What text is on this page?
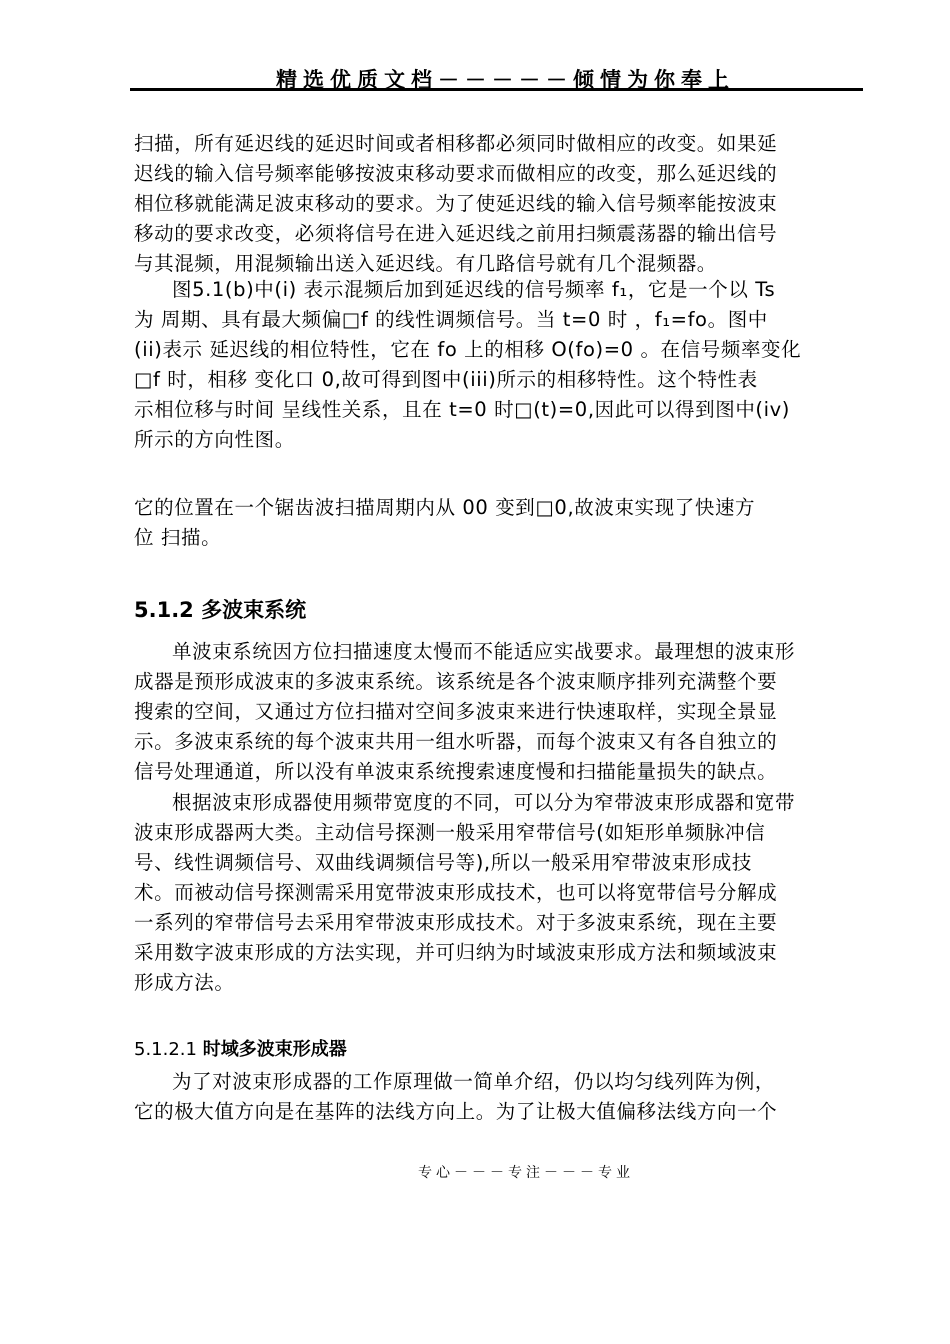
精选优质文档－－－－－倾情为你奉上
扫描，所有延迟线的延迟时间或者相移都必须同时做相应的改变。如果延
迟线的输入信号频率能够按波束移动要求而做相应的改变，那么延迟线的
相位移就能满足波束移动的要求。为了使延迟线的输入信号频率能按波束
移动的要求改变，必须将信号在进入延迟线之前用扫频震荡器的输出信号
与其混频，用混频输出送入延迟线。有几路信号就有几个混频器。
图5.1(b)中(i) 表示混频后加到延迟线的信号频率 f₁，它是一个以 Ts
为 周期、具有最大频偏□f 的线性调频信号。当 t=0 时 ，f₁=fo。图中
(ii)表示 延迟线的相位特性，它在 fo 上的相移 O(fo)=0 。在信号频率变化
□f 时，相移 变化口 0,故可得到图中(iii)所示的相移特性。这个特性表
示相位移与时间 呈线性关系，且在 t=0 时□(t)=0,因此可以得到图中(iv)
所示的方向性图。
它的位置在一个锯齿波扫描周期内从 00 变到□0,故波束实现了快速方
位 扫描。
5.1.2 多波束系统
单波束系统因方位扫描速度太慢而不能适应实战要求。最理想的波束形
成器是预形成波束的多波束系统。该系统是各个波束顺序排列充满整个要
搜索的空间，又通过方位扫描对空间多波束来进行快速取样，实现全景显
示。多波束系统的每个波束共用一组水听器，而每个波束又有各自独立的
信号处理通道，所以没有单波束系统搜索速度慢和扫描能量损失的缺点。
根据波束形成器使用频带宽度的不同，可以分为窄带波束形成器和宽带
波束形成器两大类。主动信号探测一般采用窄带信号(如矩形单频脉冲信
号、线性调频信号、双曲线调频信号等),所以一般采用窄带波束形成技
术。而被动信号探测需采用宽带波束形成技术，也可以将宽带信号分解成
一系列的窄带信号去采用窄带波束形成技术。对于多波束系统，现在主要
采用数字波束形成的方法实现，并可归纳为时域波束形成方法和频域波束
形成方法。
5.1.2.1 时域多波束形成器
为了对波束形成器的工作原理做一简单介绍，仍以均匀线列阵为例，
它的极大值方向是在基阵的法线方向上。为了让极大值偏移法线方向一个
专心－－－专注－－－专业
